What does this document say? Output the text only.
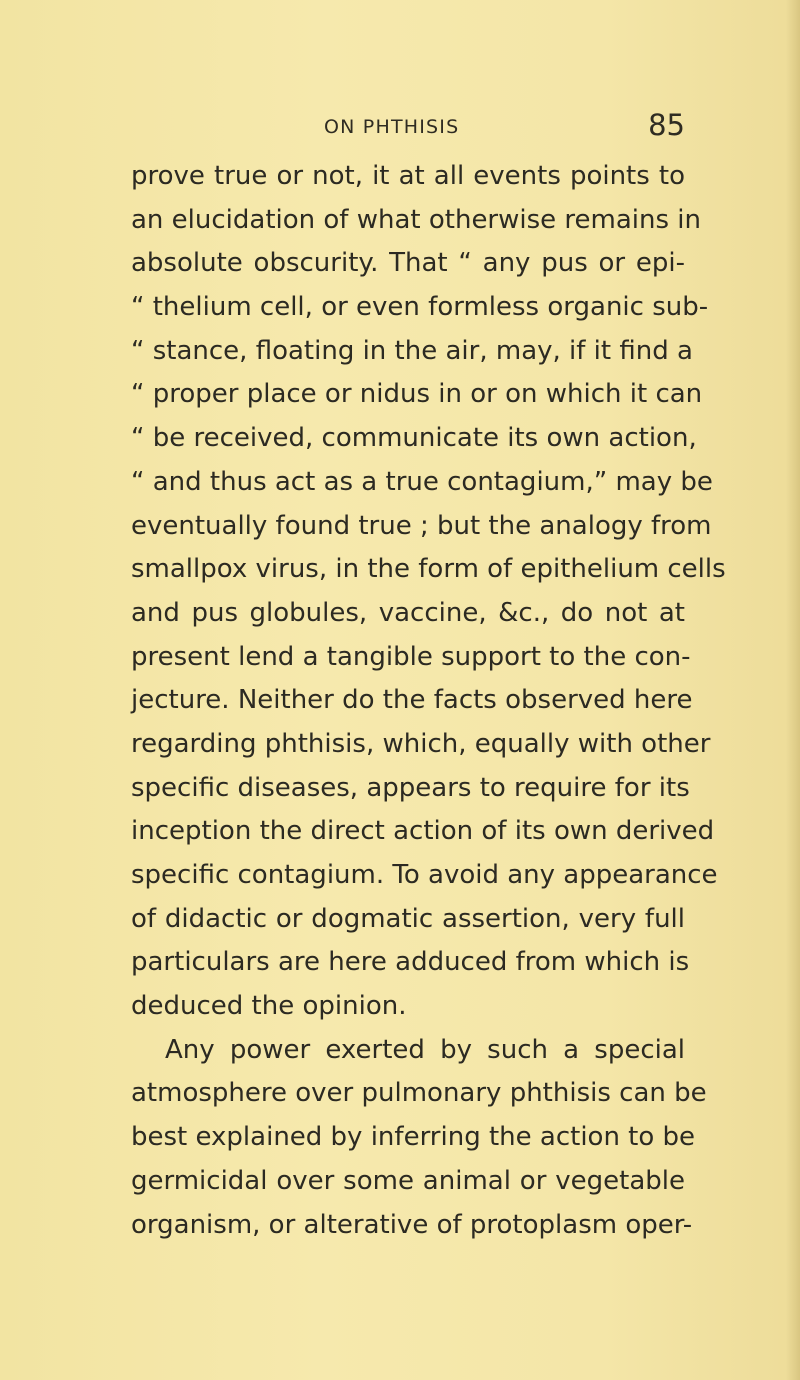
ON PHTHISIS	85
prove true or not, it at all events points to
an elucidation of what otherwise remains in
absolute obscurity. That “ any pus or epi-
“ thelium cell, or even formless organic sub-
“ stance, floating in the air, may, if it find a
“ proper place or nidus in or on which it can
“ be received, communicate its own action,
“ and thus act as a true contagium,” may be
eventually found true ; but the analogy from
smallpox virus, in the form of epithelium cells
and pus globules, vaccine, &c., do not at
present lend a tangible support to the con-
jecture. Neither do the facts observed here
regarding phthisis, which, equally with other
specific diseases, appears to require for its
inception the direct action of its own derived
specific contagium. To avoid any appearance
of didactic or dogmatic assertion, very full
particulars are here adduced from which is
deduced the opinion.
Any power exerted by such a special
atmosphere over pulmonary phthisis can be
best explained by inferring the action to be
germicidal over some animal or vegetable
organism, or alterative of protoplasm oper-
